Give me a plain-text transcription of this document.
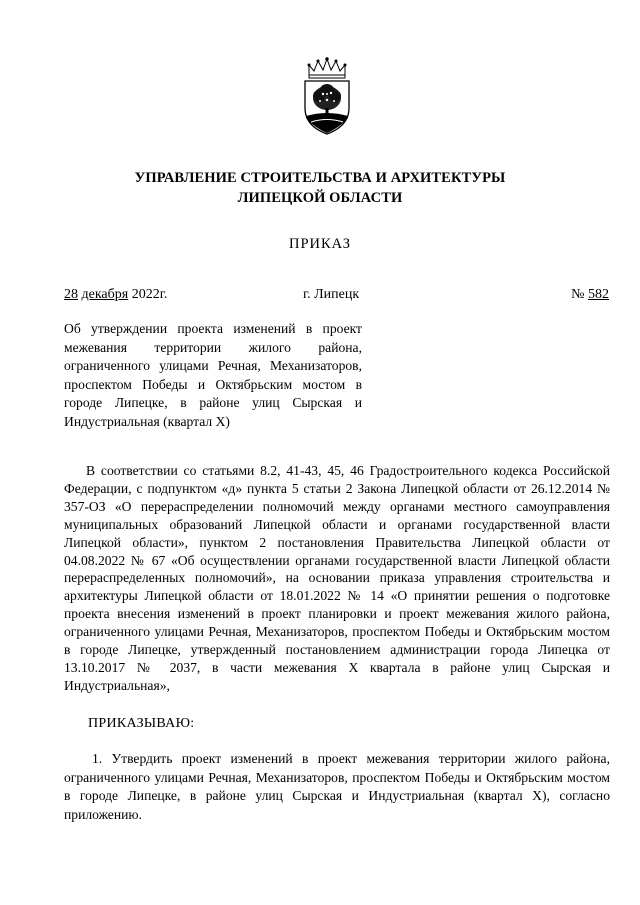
УПРАВЛЕНИЕ СТРОИТЕЛЬСТВА И АРХИТЕКТУРЫ
ЛИПЕЦКОЙ ОБЛАСТИ
ПРИКАЗ
28 декабря 2022г.	г. Липецк	№ 582
Об утверждении проекта изменений в проект межевания территории жилого района, ограниченного улицами Речная, Механизаторов, проспектом Победы и Октябрьским мостом в городе Липецке, в районе улиц Сырская и Индустриальная (квартал X)

В соответствии со статьями 8.2, 41-43, 45, 46 Градостроительного кодекса Российской Федерации, с подпунктом «д» пункта 5 статьи 2 Закона Липецкой области от 26.12.2014 № 357-ОЗ «О перераспределении полномочий между органами местного самоуправления муниципальных образований Липецкой области и органами государственной власти Липецкой области», пунктом 2 постановления Правительства Липецкой области от 04.08.2022 № 67 «Об осуществлении органами государственной власти Липецкой области перераспределенных полномочий», на основании приказа управления строительства и архитектуры Липецкой области от 18.01.2022 № 14 «О принятии решения о подготовке проекта внесения изменений в проект планировки и проект межевания жилого района, ограниченного улицами Речная, Механизаторов, проспектом Победы и Октябрьским мостом в городе Липецке, утвержденный постановлением администрации города Липецка от 13.10.2017 № 2037, в части межевания X квартала в районе улиц Сырская и Индустриальная»,

ПРИКАЗЫВАЮ:

1. Утвердить проект изменений в проект межевания территории жилого района, ограниченного улицами Речная, Механизаторов, проспектом Победы и Октябрьским мостом в городе Липецке, в районе улиц Сырская и Индустриальная (квартал X), согласно приложению.
